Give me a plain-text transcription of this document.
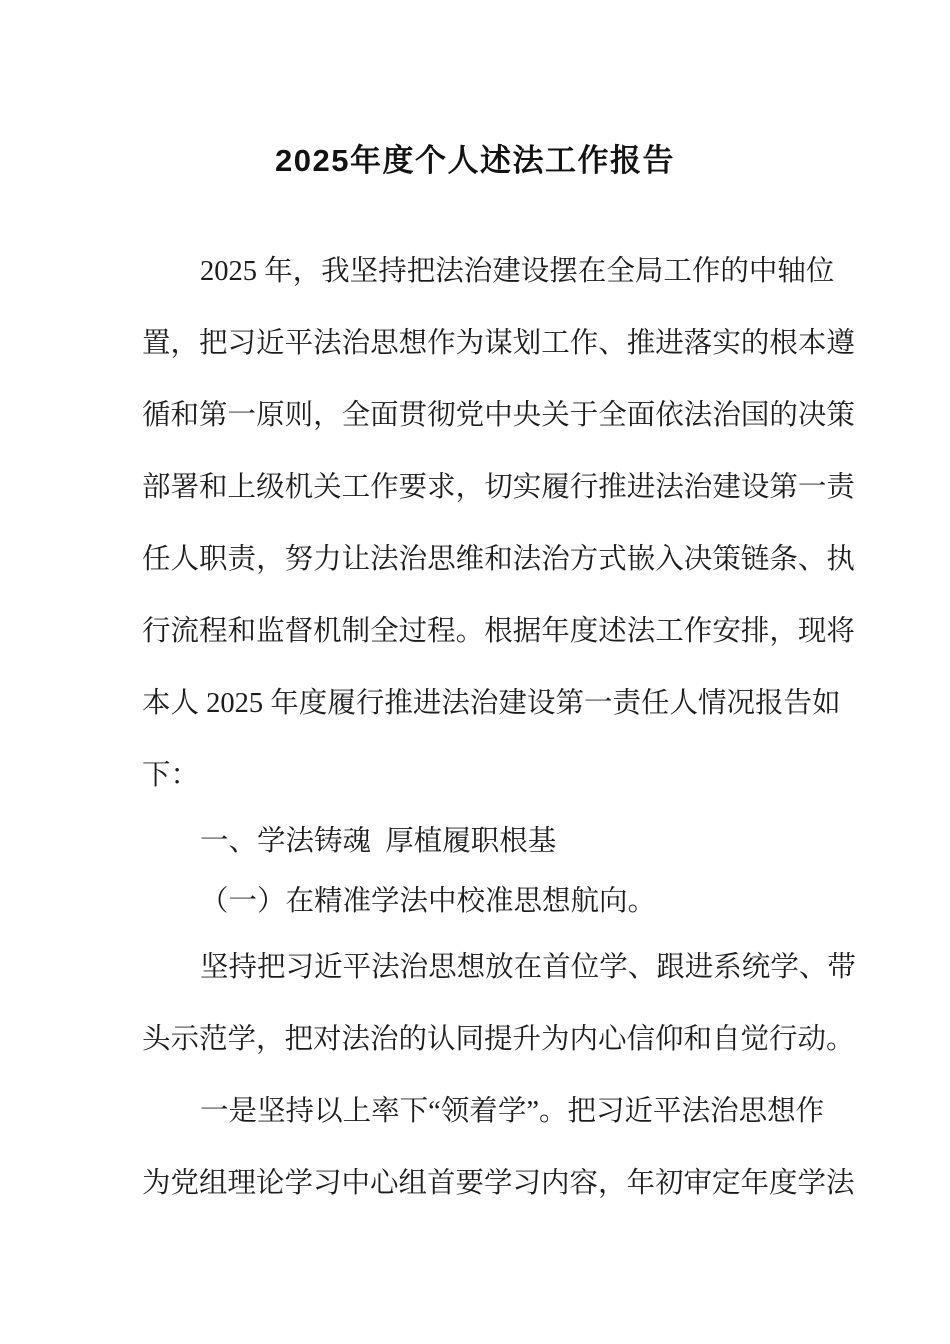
2025年度个人述法工作报告
2 0 2 5
年 ， 我 坚 持 把 法 治 建 设 摆 在 全 局 工 作 的 中 轴 位
置 ， 把 习 近 平 法 治 思 想 作 为 谋 划 工 作 、 推 进 落 实 的 根 本 遵
循 和 第 一 原 则 ， 全 面 贯 彻 党 中 央 关 于 全 面 依 法 治 国 的 决 策
部 署 和 上 级 机 关 工 作 要 求 ， 切 实 履 行 推 进 法 治 建 设 第 一 责
任 人 职 责 ， 努 力 让 法 治 思 维 和 法 治 方 式 嵌 入 决 策 链 条 、 执
行 流 程 和 监 督 机 制 全 过 程 。 根 据 年 度 述 法 工 作 安 排 ， 现 将
本 人
2 0 2 5
年 度 履 行 推 进 法 治 建 设 第 一 责 任 人 情 况 报 告 如
下：
一、学法铸魂  厚植履职根基
（一）在精准学法中校准思想航向。
坚 持 把 习 近 平 法 治 思 想 放 在 首 位 学 、 跟 进 系 统 学 、 带
头示范学，把对法治的认同提升为内心信仰和自觉行动。
一 是 坚 持 以 上 率 下 “ 领 着 学 ” 。 把 习 近 平 法 治 思 想 作
为党组理论学习中心组首要学习内容，年初审定年度学法
